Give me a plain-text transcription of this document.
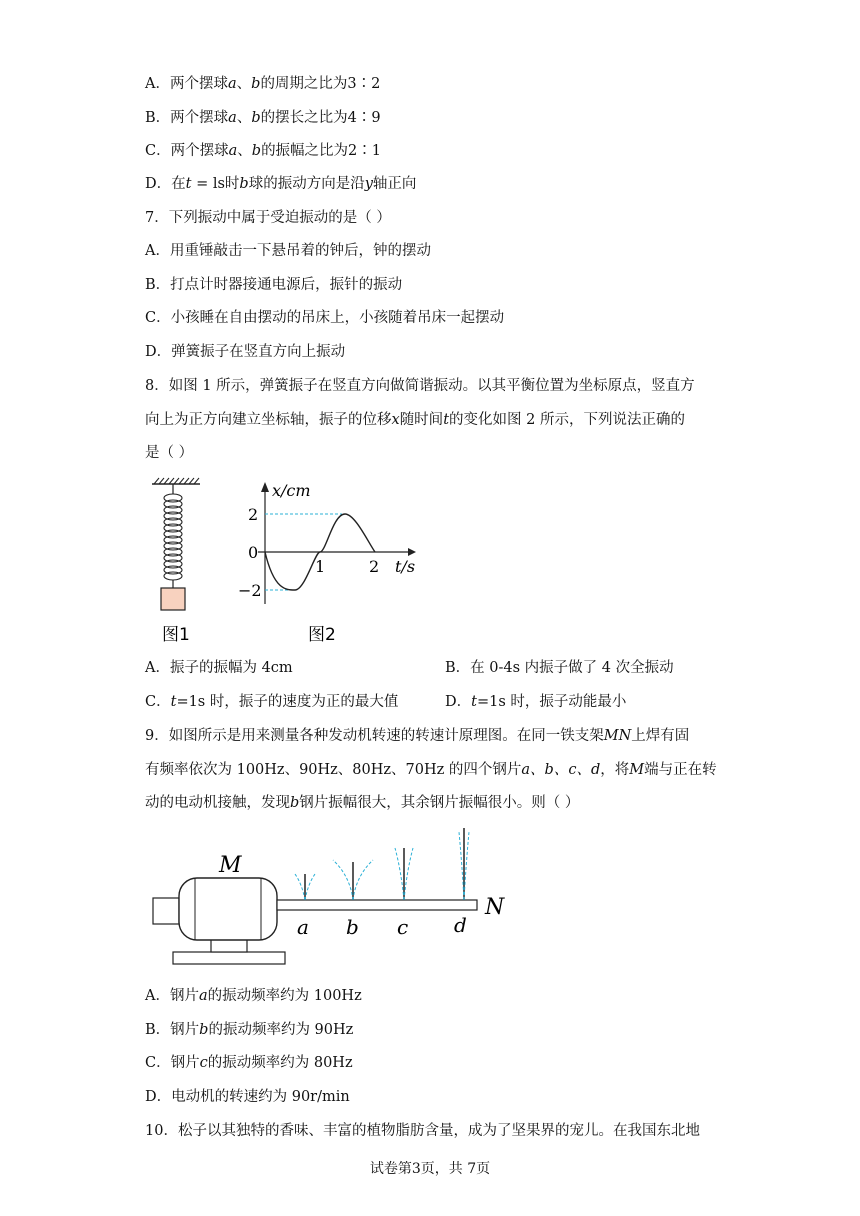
A．两个摆球a、b的周期之比为3∶2
B．两个摆球a、b的摆长之比为4∶9
C．两个摆球a、b的振幅之比为2∶1
D．在t = ls时b球的振动方向是沿y轴正向
7．下列振动中属于受迫振动的是（ ）
A．用重锤敲击一下悬吊着的钟后，钟的摆动
B．打点计时器接通电源后，振针的振动
C．小孩睡在自由摆动的吊床上，小孩随着吊床一起摆动
D．弹簧振子在竖直方向上振动
8．如图 1 所示，弹簧振子在竖直方向做简谐振动。以其平衡位置为坐标原点，竖直方
向上为正方向建立坐标轴，振子的位移x随时间t的变化如图 2 所示，下列说法正确的
是（ ）
图1
x/cm
t/s
2
0
−2
1	2
图2
A．振子的振幅为 4cm	B．在 0-4s 内振子做了 4 次全振动
C．t=1s 时，振子的速度为正的最大值	D．t=1s 时，振子动能最小
9．如图所示是用来测量各种发动机转速的转速计原理图。在同一铁支架MN上焊有固
有频率依次为 100Hz、90Hz、80Hz、70Hz 的四个钢片a、b、c、d，将M端与正在转
动的电动机接触，发现b钢片振幅很大，其余钢片振幅很小。则（ ）
M
N
a b c d
A．钢片a的振动频率约为 100Hz
B．钢片b的振动频率约为 90Hz
C．钢片c的振动频率约为 80Hz
D．电动机的转速约为 90r/min
10．松子以其独特的香味、丰富的植物脂肪含量，成为了坚果界的宠儿。在我国东北地
试卷第3页，共 7页
